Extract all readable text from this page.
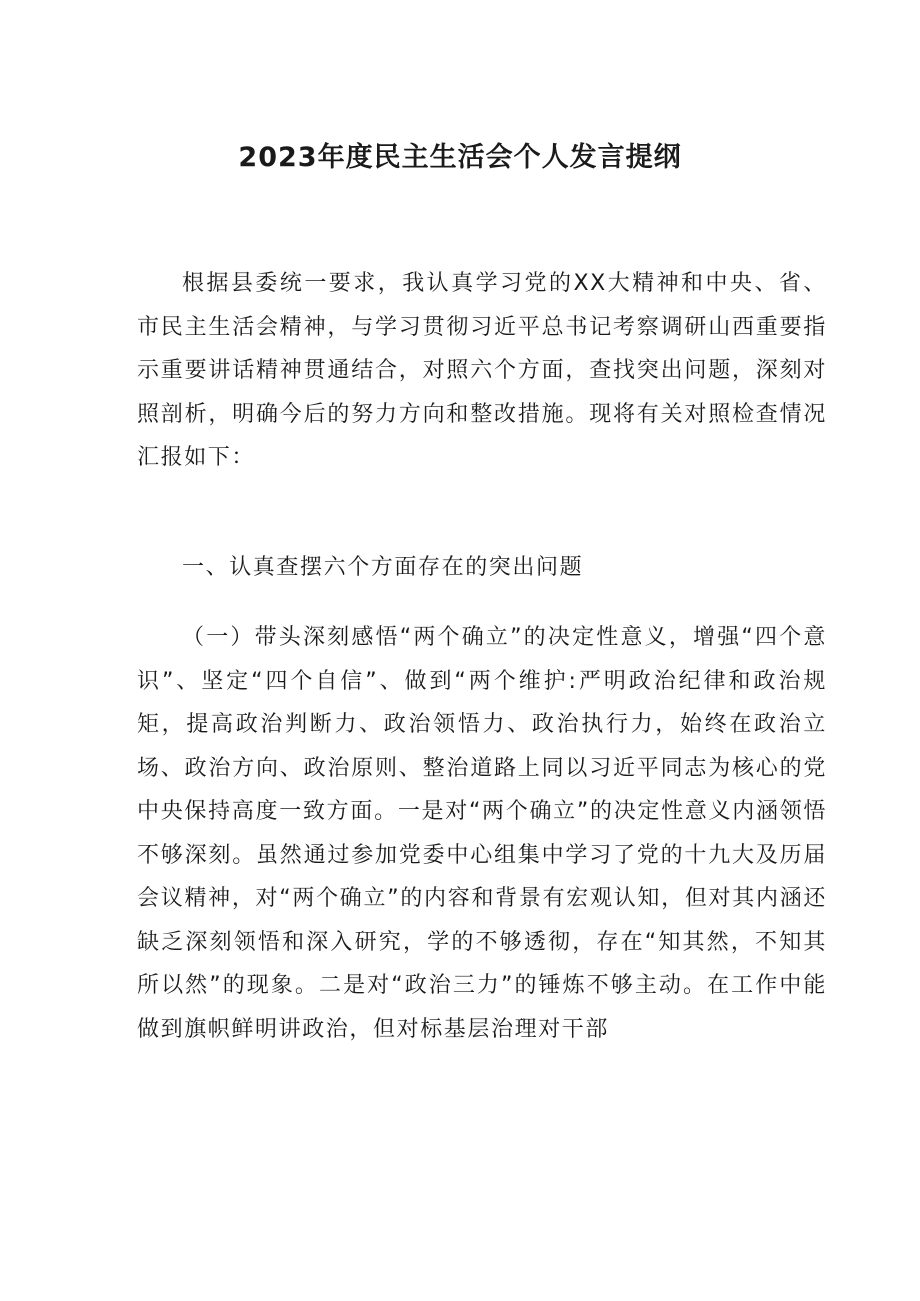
2023年度民主生活会个人发言提纲

根据县委统一要求，我认真学习党的XX大精神和中央、省、市民主生活会精神，与学习贯彻习近平总书记考察调研山西重要指示重要讲话精神贯通结合，对照六个方面，查找突出问题，深刻对照剖析，明确今后的努力方向和整改措施。现将有关对照检查情况汇报如下：

一、认真查摆六个方面存在的突出问题

（一）带头深刻感悟“两个确立”的决定性意义，增强“四个意识”、坚定“四个自信”、做到“两个维护:严明政治纪律和政治规矩，提高政治判断力、政治领悟力、政治执行力，始终在政治立场、政治方向、政治原则、整治道路上同以习近平同志为核心的党中央保持高度一致方面。一是对“两个确立”的决定性意义内涵领悟不够深刻。虽然通过参加党委中心组集中学习了党的十九大及历届会议精神，对“两个确立”的内容和背景有宏观认知，但对其内涵还缺乏深刻领悟和深入研究，学的不够透彻，存在“知其然，不知其所以然”的现象。二是对“政治三力”的锤炼不够主动。在工作中能做到旗帜鲜明讲政治，但对标基层治理对干部
